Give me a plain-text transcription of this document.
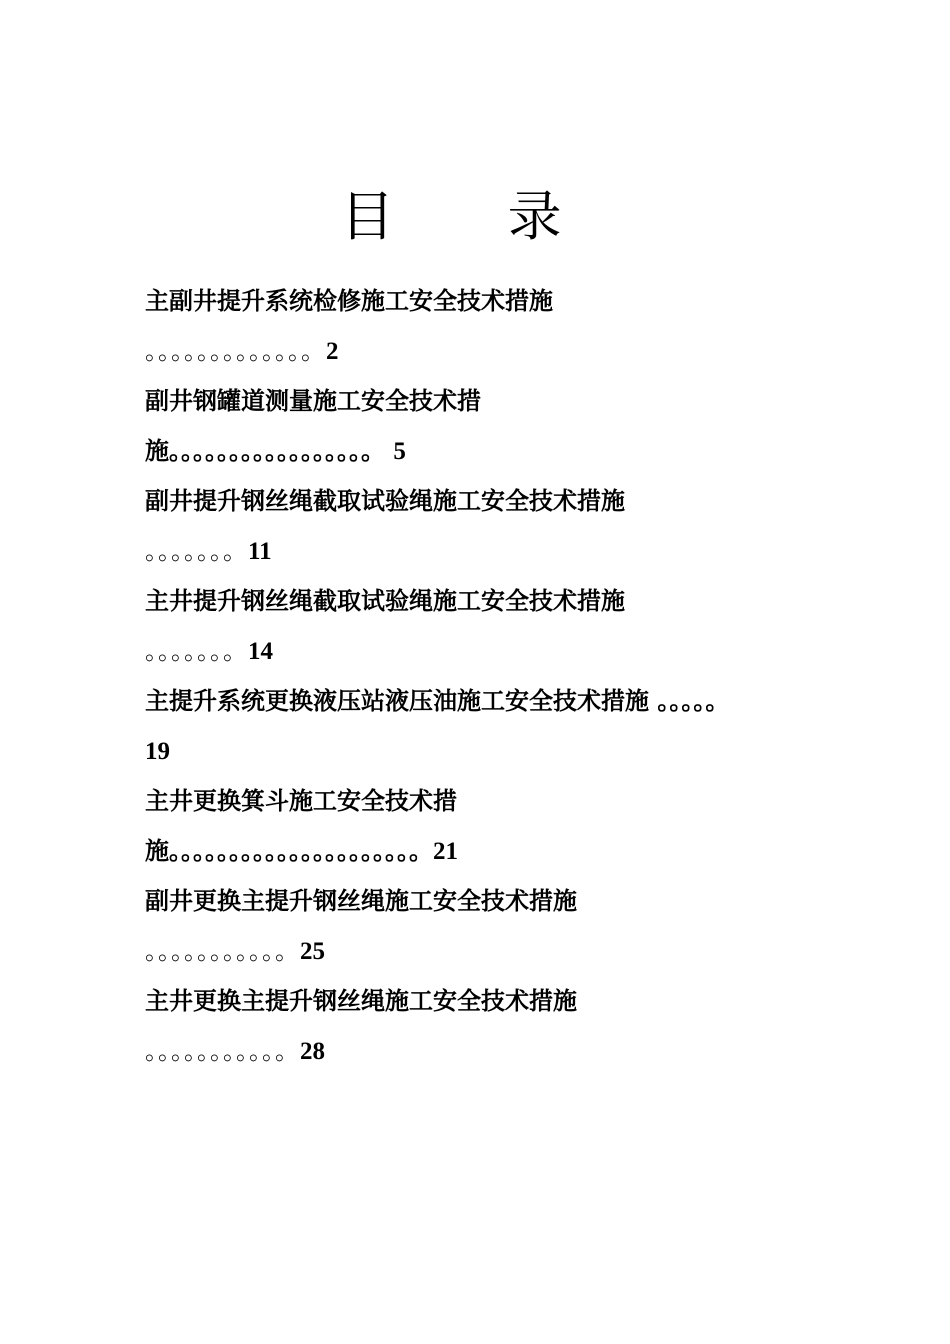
目 录
主副井提升系统检修施工安全技术措施
。。。。。。。。。。。。。2
副井钢罐道测量施工安全技术措
施。。。。。。。。。。。。。。。。。 5
副井提升钢丝绳截取试验绳施工安全技术措施
。。。。。。。11
主井提升钢丝绳截取试验绳施工安全技术措施
。。。。。。。14
主提升系统更换液压站液压油施工安全技术措施 。。。。。
19
主井更换箕斗施工安全技术措
施。。。。。。。。。。。。。。。。。。。。。21
副井更换主提升钢丝绳施工安全技术措施
。。。。。。。。。。。25
主井更换主提升钢丝绳施工安全技术措施
。。。。。。。。。。。28
